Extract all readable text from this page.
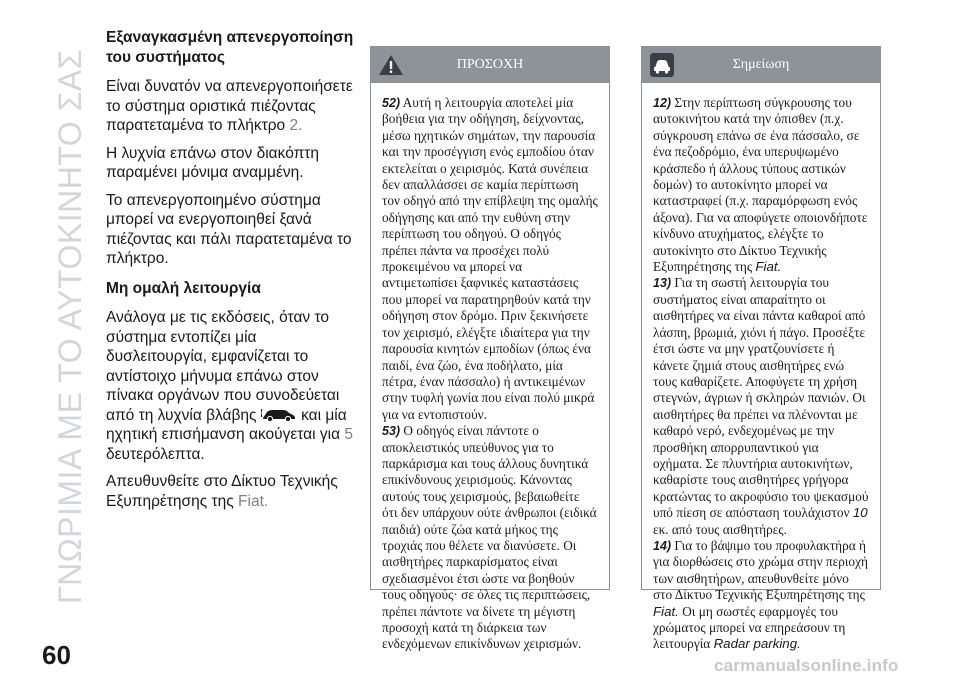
ΓΝΩΡΙΜΙΑ ΜΕ ΤΟ ΑΥΤΟΚΙΝΗΤΟ ΣΑΣ
Εξαναγκασμένη απενεργοποίηση του συστήματος

Είναι δυνατόν να απενεργοποιήσετε το σύστημα οριστικά πιέζοντας παρατεταμένα το πλήκτρο 2.

Η λυχνία επάνω στον διακόπτη παραμένει μόνιμα αναμμένη.

Το απενεργοποιημένο σύστημα μπορεί να ενεργοποιηθεί ξανά πιέζοντας και πάλι παρατεταμένα το πλήκτρο.

Μη ομαλή λειτουργία

Ανάλογα με τις εκδόσεις, όταν το σύστημα εντοπίζει μία δυσλειτουργία, εμφανίζεται το αντίστοιχο μήνυμα επάνω στον πίνακα οργάνων που συνοδεύεται από τη λυχνία βλάβης	και μία ηχητική επισήμανση ακούγεται για 5 δευτερόλεπτα.

Απευθυνθείτε στο Δίκτυο Τεχνικής Εξυπηρέτησης της Fiat.

ΠΡΟΣΟΧΗ

52) Αυτή η λειτουργία αποτελεί μία βοήθεια για την οδήγηση, δείχνοντας, μέσω ηχητικών σημάτων, την παρουσία και την προσέγγιση ενός εμποδίου όταν εκτελείται ο χειρισμός. Κατά συνέπεια δεν απαλλάσσει σε καμία περίπτωση τον οδηγό από την επίβλεψη της ομαλής οδήγησης και από την ευθύνη στην περίπτωση του οδηγού. Ο οδηγός πρέπει πάντα να προσέχει πολύ προκειμένου να μπορεί να αντιμετωπίσει ξαφνικές καταστάσεις που μπορεί να παρατηρηθούν κατά την οδήγηση στον δρόμο. Πριν ξεκινήσετε τον χειρισμό, ελέγξτε ιδιαίτερα για την παρουσία κινητών εμποδίων (όπως ένα παιδί, ένα ζώο, ένα ποδήλατο, μία πέτρα, έναν πάσσαλο) ή αντικειμένων στην τυφλή γωνία που είναι πολύ μικρά για να εντοπιστούν.

53) Ο οδηγός είναι πάντοτε ο αποκλειστικός υπεύθυνος για το παρκάρισμα και τους άλλους δυνητικά επικίνδυνους χειρισμούς. Κάνοντας αυτούς τους χειρισμούς, βεβαιωθείτε ότι δεν υπάρχουν ούτε άνθρωποι (ειδικά παιδιά) ούτε ζώα κατά μήκος της τροχιάς που θέλετε να διανύσετε. Οι αισθητήρες παρκαρίσματος είναι σχεδιασμένοι έτσι ώστε να βοηθούν τους οδηγούς· σε όλες τις περιπτώσεις, πρέπει πάντοτε να δίνετε τη μέγιστη προσοχή κατά τη διάρκεια των ενδεχόμενων επικίνδυνων χειρισμών.

Σημείωση

12) Στην περίπτωση σύγκρουσης του αυτοκινήτου κατά την όπισθεν (π.χ. σύγκρουση επάνω σε ένα πάσσαλο, σε ένα πεζοδρόμιο, ένα υπερυψωμένο κράσπεδο ή άλλους τύπους αστικών δομών) το αυτοκίνητο μπορεί να καταστραφεί (π.χ. παραμόρφωση ενός άξονα). Για να αποφύγετε οποιονδήποτε κίνδυνο ατυχήματος, ελέγξτε το αυτοκίνητο στο Δίκτυο Τεχνικής Εξυπηρέτησης της Fiat.

13) Για τη σωστή λειτουργία του συστήματος είναι απαραίτητο οι αισθητήρες να είναι πάντα καθαροί από λάσπη, βρωμιά, χιόνι ή πάγο. Προσέξτε έτσι ώστε να μην γρατζουνίσετε ή κάνετε ζημιά στους αισθητήρες ενώ τους καθαρίζετε. Αποφύγετε τη χρήση στεγνών, άγριων ή σκληρών πανιών. Οι αισθητήρες θα πρέπει να πλένονται με καθαρό νερό, ενδεχομένως με την προσθήκη απορρυπαντικού για οχήματα. Σε πλυντήρια αυτοκινήτων, καθαρίστε τους αισθητήρες γρήγορα κρατώντας το ακροφύσιο του ψεκασμού υπό πίεση σε απόσταση τουλάχιστον 10 εκ. από τους αισθητήρες.

14) Για το βάψιμο του προφυλακτήρα ή για διορθώσεις στο χρώμα στην περιοχή των αισθητήρων, απευθυνθείτε μόνο στο Δίκτυο Τεχνικής Εξυπηρέτησης της Fiat. Οι μη σωστές εφαρμογές του χρώματος μπορεί να επηρεάσουν τη λειτουργία Radar parking.

60	carmanualsonline.info
